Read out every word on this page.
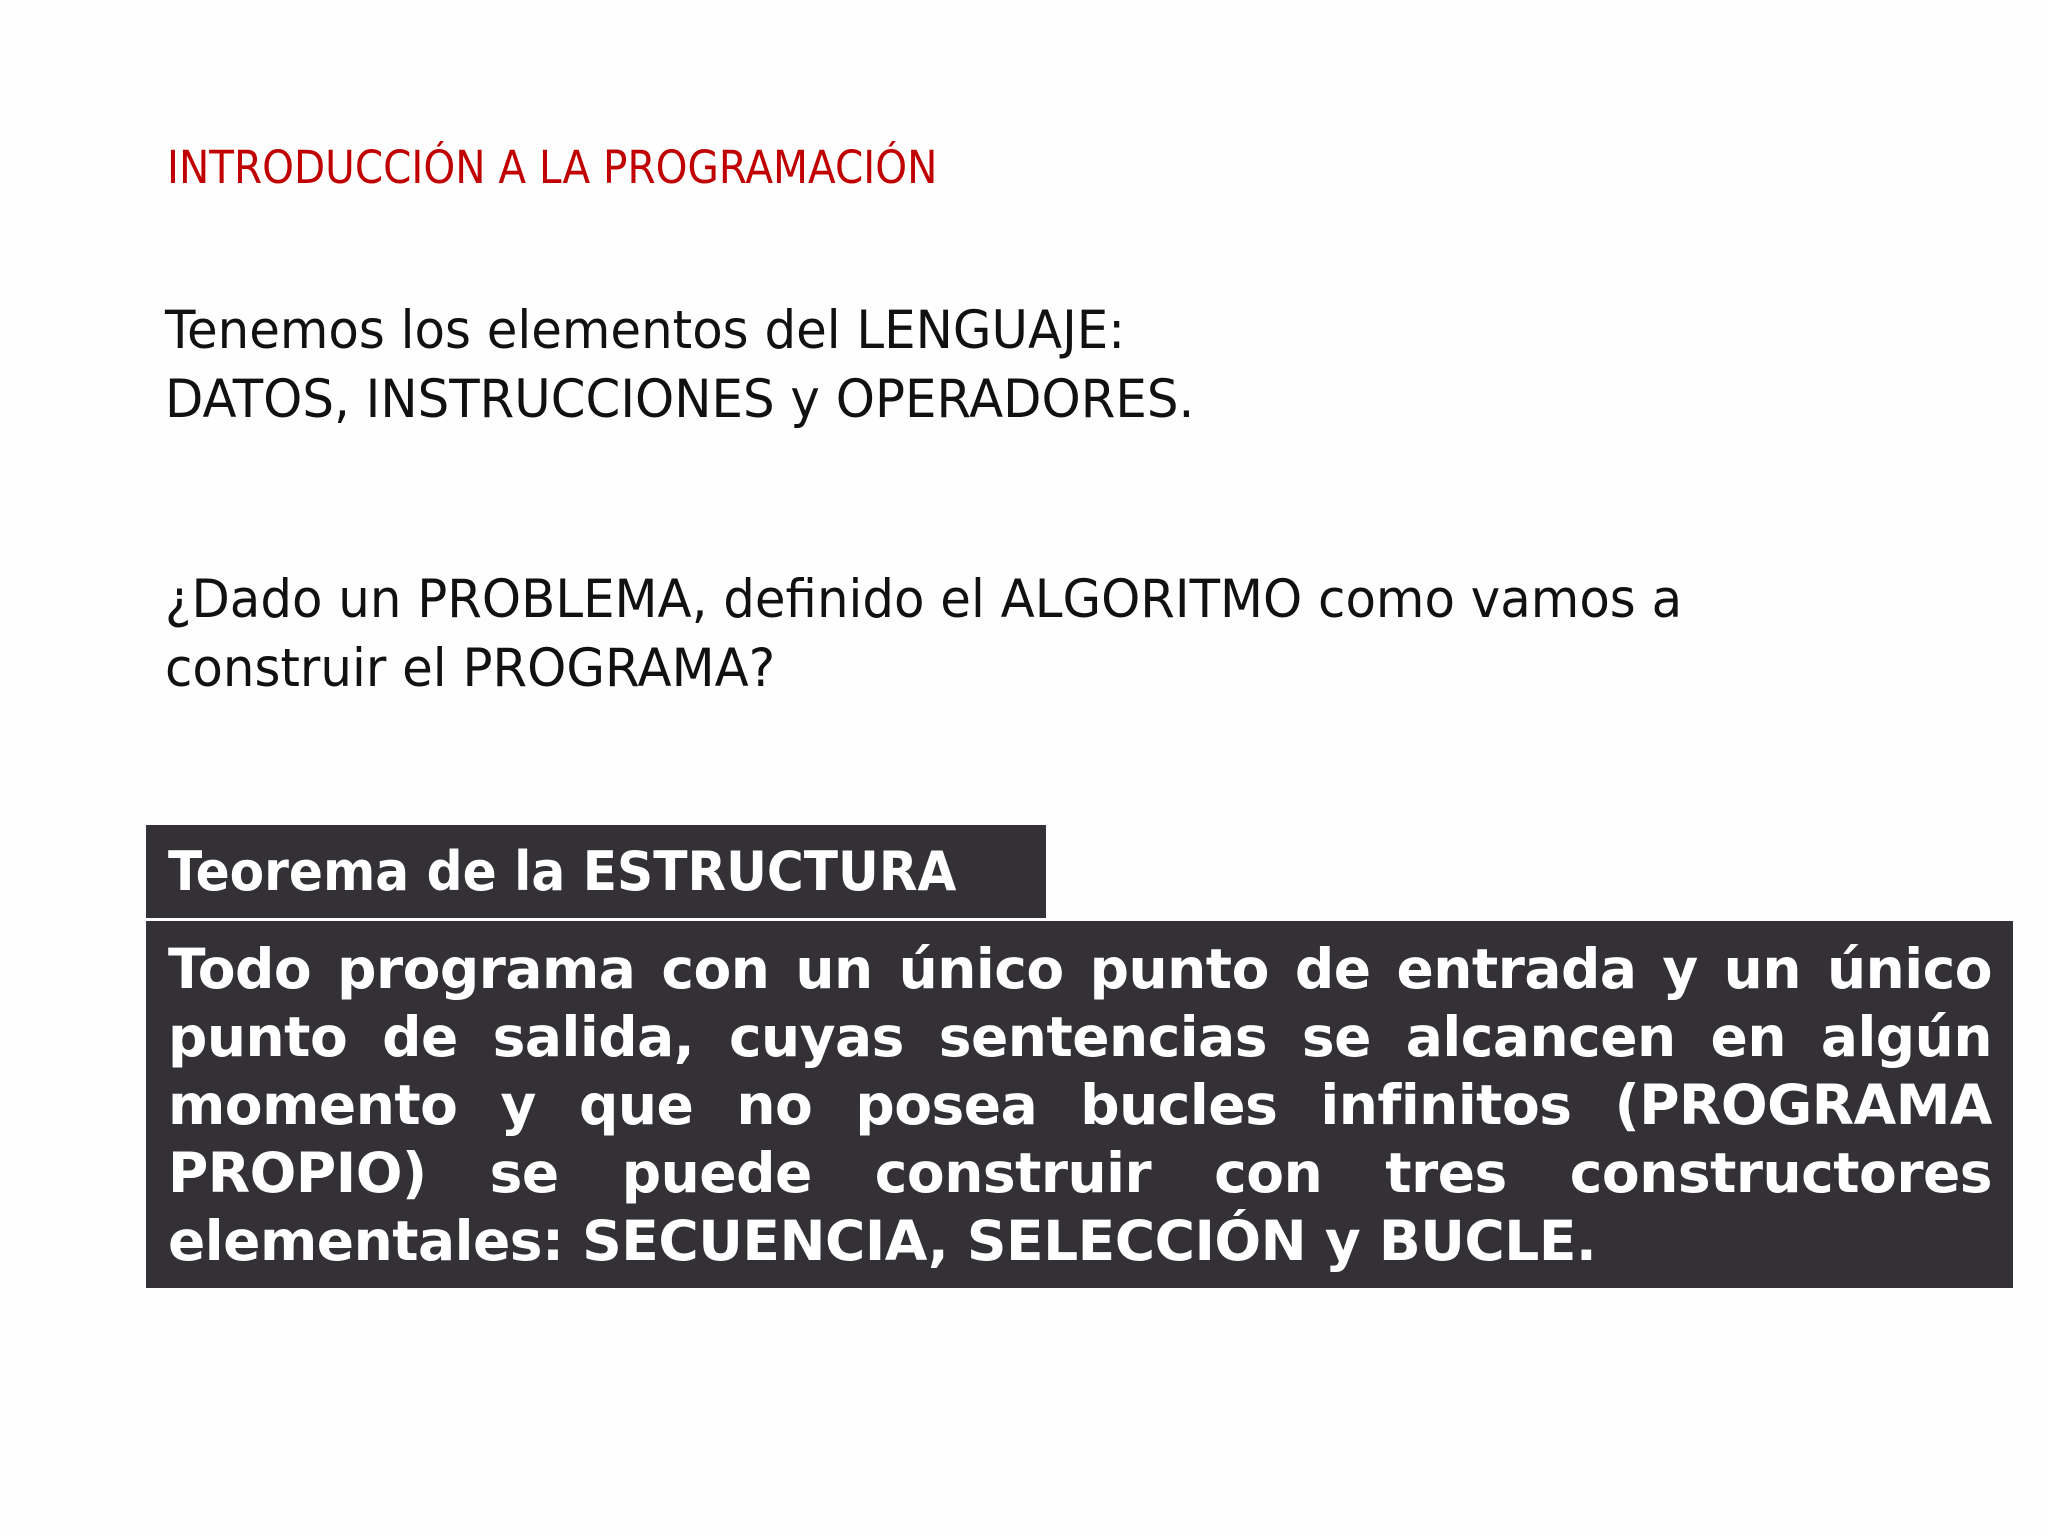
INTRODUCCIÓN A LA PROGRAMACIÓN
Tenemos los elementos del LENGUAJE:
DATOS, INSTRUCCIONES y OPERADORES.
¿Dado un PROBLEMA, definido el ALGORITMO como vamos a
construir el PROGRAMA?
Teorema de la ESTRUCTURA
Todo programa con un único punto de entrada y un único punto de salida, cuyas sentencias se alcancen en algún momento y que no posea bucles infinitos (PROGRAMA PROPIO) se puede construir con tres constructores elementales: SECUENCIA, SELECCIÓN y BUCLE.
